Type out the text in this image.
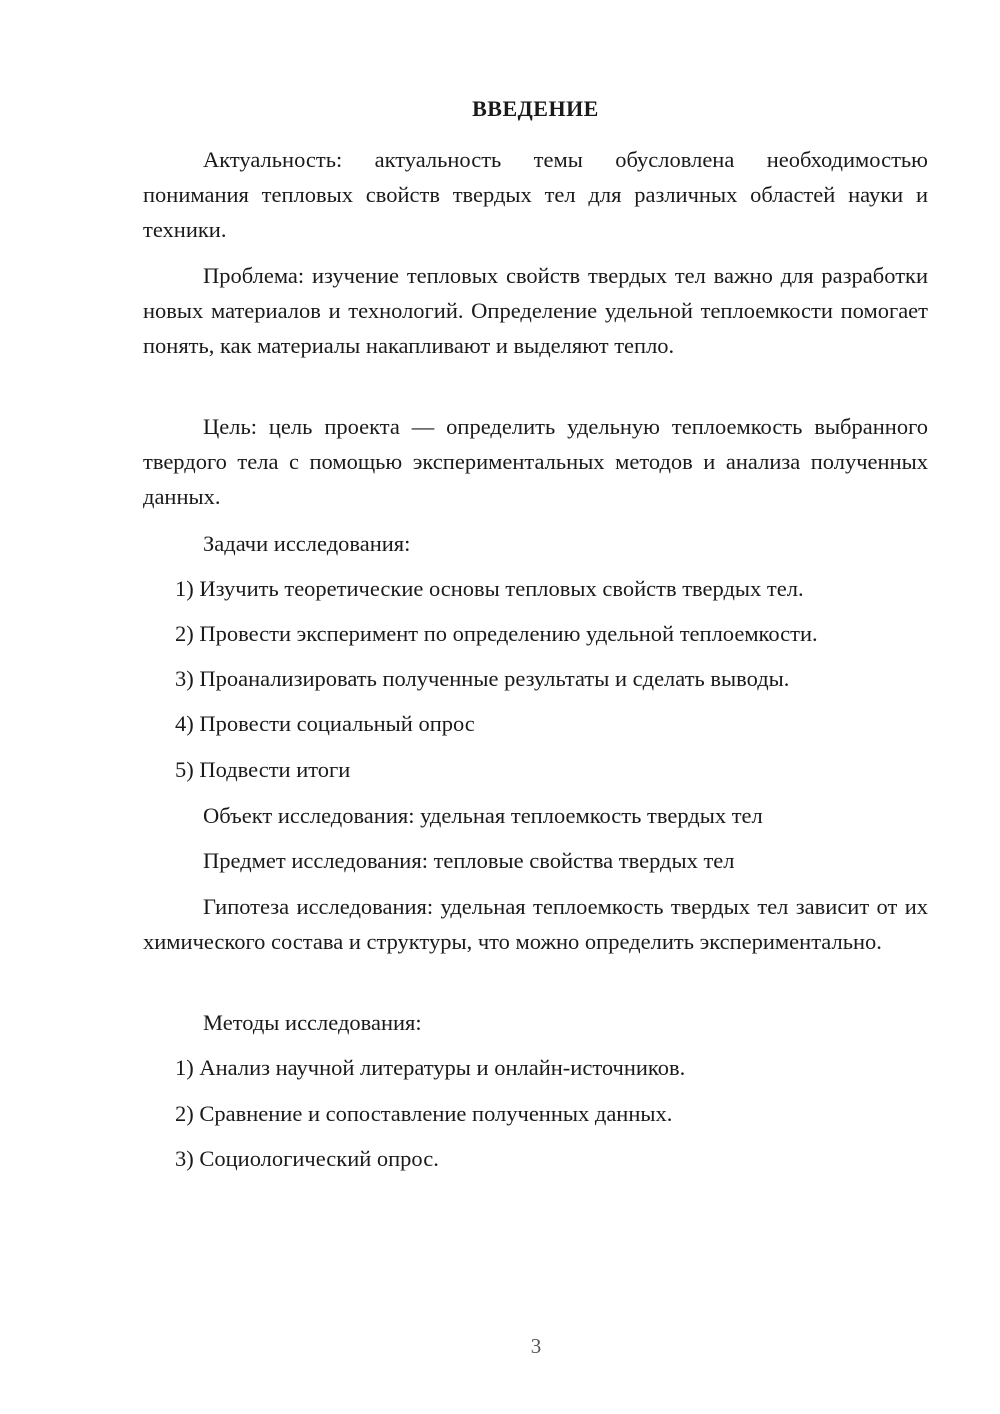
ВВЕДЕНИЕ
Актуальность: актуальность темы обусловлена необходимостью понимания тепловых свойств твердых тел для различных областей науки и техники.
Проблема: изучение тепловых свойств твердых тел важно для разработки новых материалов и технологий. Определение удельной теплоемкости помогает понять, как материалы накапливают и выделяют тепло.
Цель: цель проекта — определить удельную теплоемкость выбранного твердого тела с помощью экспериментальных методов и анализа полученных данных.
Задачи исследования:
1) Изучить теоретические основы тепловых свойств твердых тел.
2) Провести эксперимент по определению удельной теплоемкости.
3) Проанализировать полученные результаты и сделать выводы.
4) Провести социальный опрос
5) Подвести итоги
Объект исследования: удельная теплоемкость твердых тел
Предмет исследования: тепловые свойства твердых тел
Гипотеза исследования: удельная теплоемкость твердых тел зависит от их химического состава и структуры, что можно определить экспериментально.
Методы исследования:
1) Анализ научной литературы и онлайн-источников.
2) Сравнение и сопоставление полученных данных.
3) Социологический опрос.
3
